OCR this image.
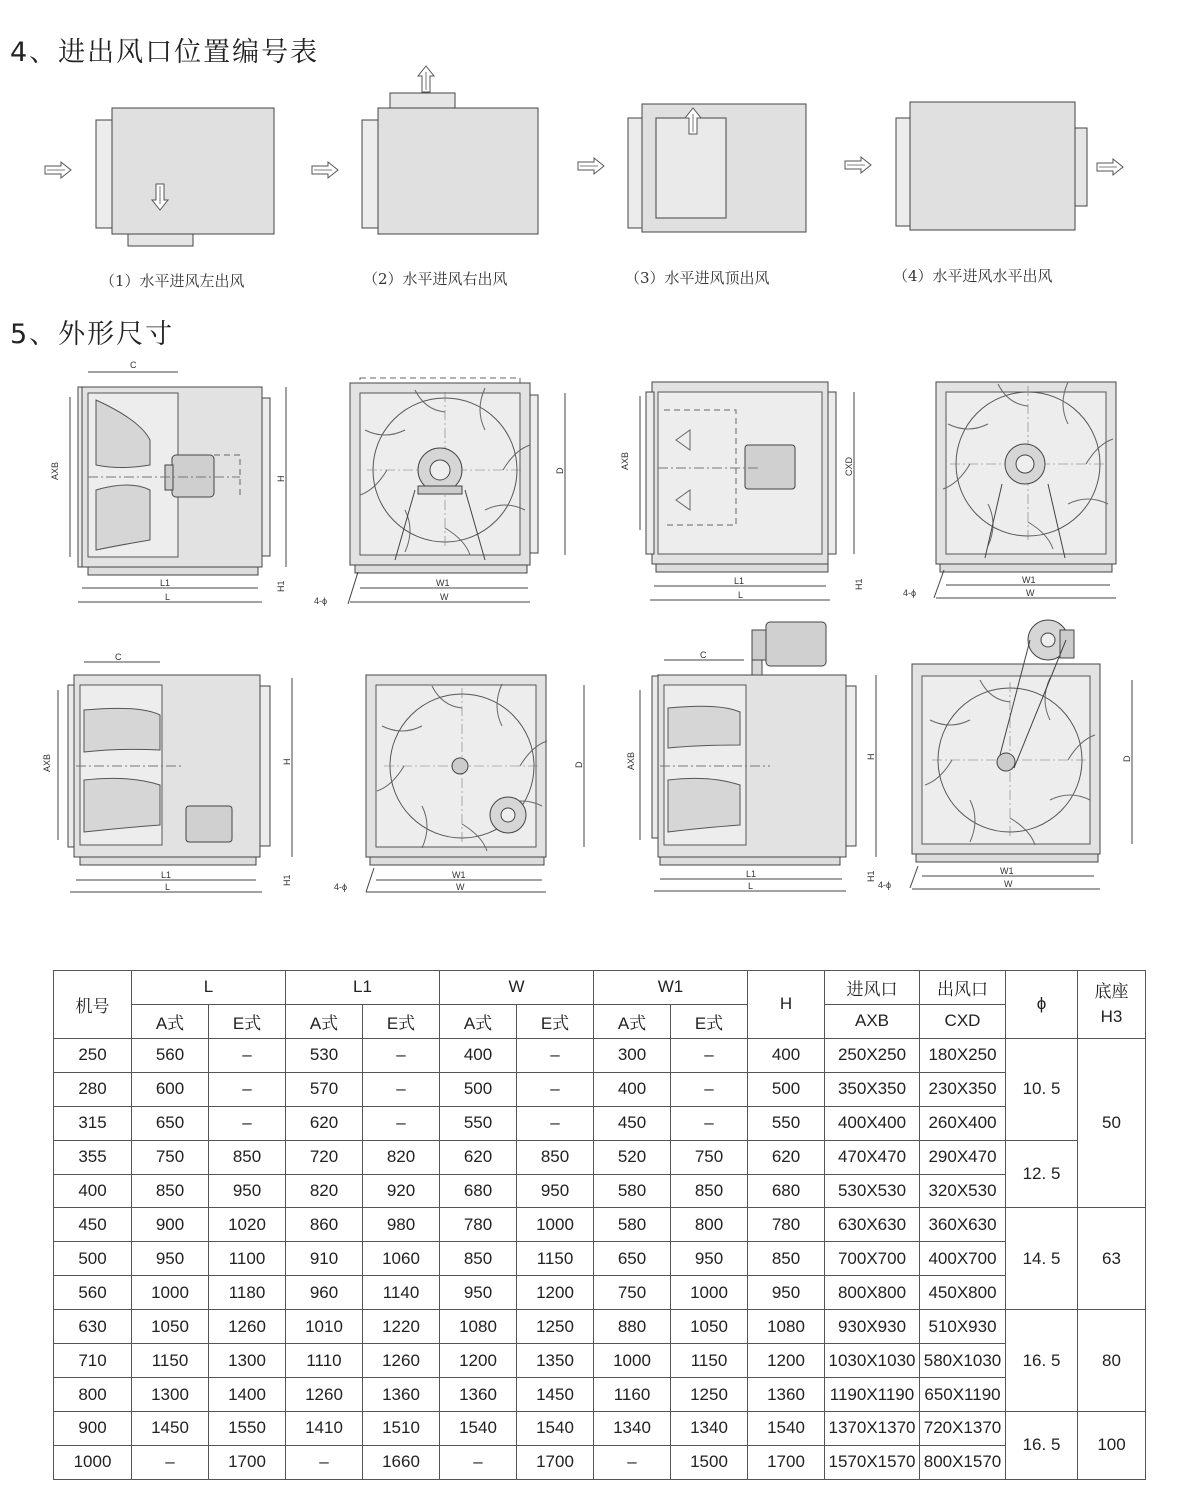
4、进出风口位置编号表
（1）水平进风左出风	（2）水平进风右出风	（3）水平进风顶出风	（4）水平进风水平出风
5、外形尺寸
C
AXB	H
H1
L1
L
D
W1
W
4-ϕ
AXB	CXD
H1
L1
L
W1
W
4-ϕ
C
AXB	H
H1
L1
L
D
W1
W
4-ϕ
C
AXB	H
H1
L1
L
D
W1
W
4-ϕ
机号	L		L1		W		W1		H	进风口	出风口	ϕ	底座
H3
	A式	E式	A式	E式	A式	E式	A式	E式		AXB	CXD		
250	560	–	530	–	400	–	300	–	400	250X250	180X250	10. 5	50
280	600	–	570	–	500	–	400	–	500	350X350	230X350		
315	650	–	620	–	550	–	450	–	550	400X400	260X400		
355	750	850	720	820	620	850	520	750	620	470X470	290X470	12. 5	
400	850	950	820	920	680	950	580	850	680	530X530	320X530		
450	900	1020	860	980	780	1000	580	800	780	630X630	360X630	14. 5	63
500	950	1100	910	1060	850	1150	650	950	850	700X700	400X700		
560	1000	1180	960	1140	950	1200	750	1000	950	800X800	450X800		
630	1050	1260	1010	1220	1080	1250	880	1050	1080	930X930	510X930	16. 5	80
710	1150	1300	1110	1260	1200	1350	1000	1150	1200	1030X1030	580X1030		
800	1300	1400	1260	1360	1360	1450	1160	1250	1360	1190X1190	650X1190		
900	1450	1550	1410	1510	1540	1540	1340	1340	1540	1370X1370	720X1370	16. 5	100
1000	–	1700	–	1660	–	1700	–	1500	1700	1570X1570	800X1570		
